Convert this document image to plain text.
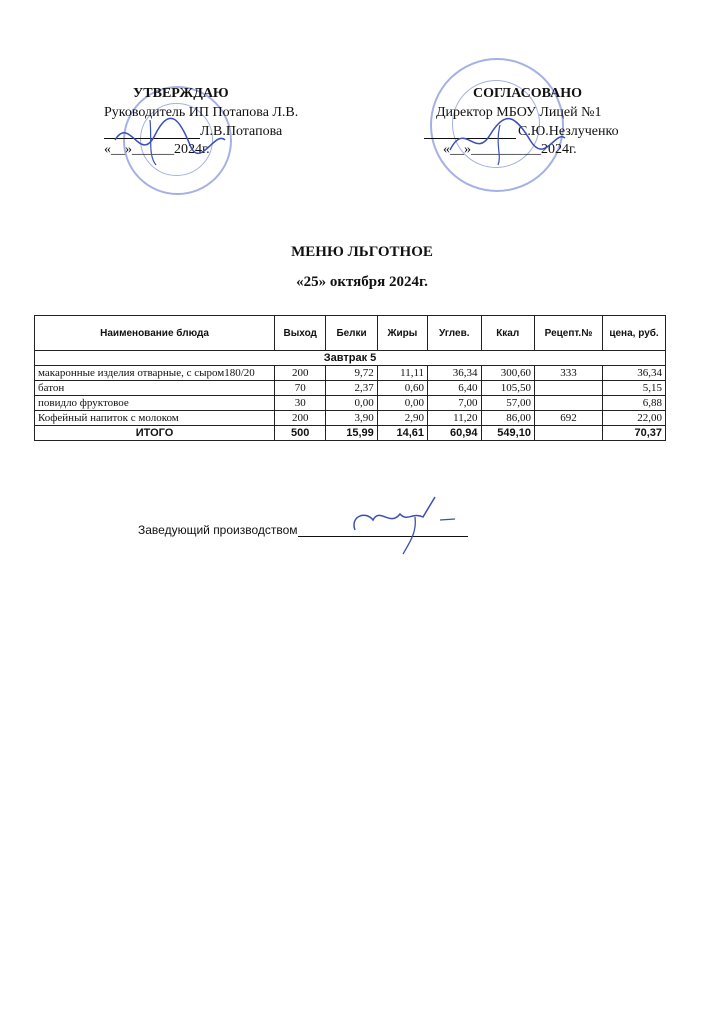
УТВЕРЖДАЮ
Руководитель ИП Потапова Л.В.
Л.В.Потапова
«__»______2024г.
СОГЛАСОВАНО
Директор МБОУ Лицей №1
С.Ю.Незлученко
«__»__________2024г.
МЕНЮ ЛЬГОТНОЕ
«25» октября 2024г.
Наименование блюда	Выход	Белки	Жиры	Углев.	Ккал	Рецепт.№	цена, руб.
Завтрак 5							
макаронные изделия отварные, с сыром180/20	200	9,72	11,11	36,34	300,60	333	36,34
батон	70	2,37	0,60	6,40	105,50		5,15
повидло фруктовое	30	0,00	0,00	7,00	57,00		6,88
Кофейный напиток с молоком	200	3,90	2,90	11,20	86,00	692	22,00
ИТОГО	500	15,99	14,61	60,94	549,10		70,37
Заведующий производством
